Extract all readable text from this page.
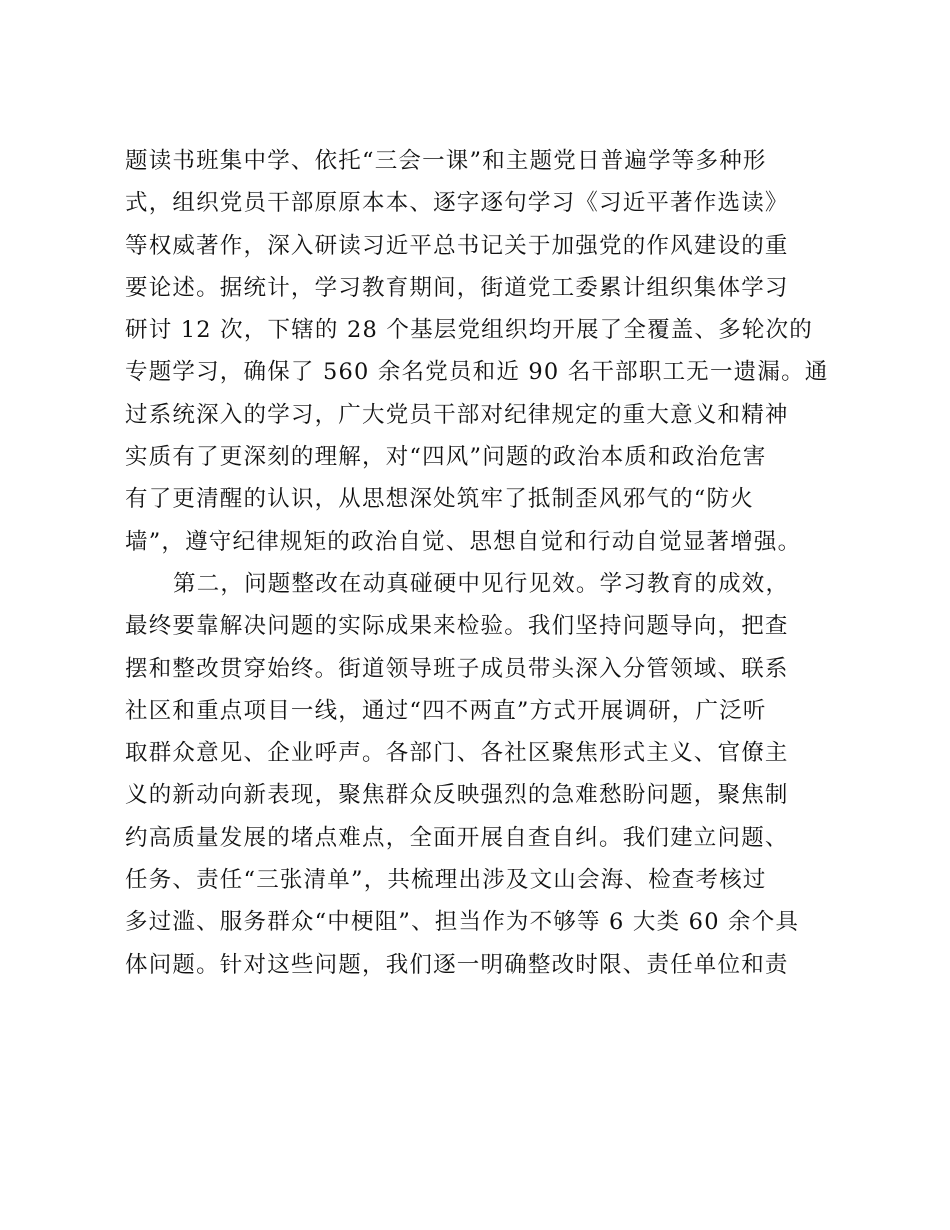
题读书班集中学、依托“三会一课”和主题党日普遍学等多种形
式，组织党员干部原原本本、逐字逐句学习《习近平著作选读》
等权威著作，深入研读习近平总书记关于加强党的作风建设的重
要论述。据统计，学习教育期间，街道党工委累计组织集体学习
研讨 12 次，下辖的 28 个基层党组织均开展了全覆盖、多轮次的
专题学习，确保了 560 余名党员和近 90 名干部职工无一遗漏。通
过系统深入的学习，广大党员干部对纪律规定的重大意义和精神
实质有了更深刻的理解，对“四风”问题的政治本质和政治危害
有了更清醒的认识，从思想深处筑牢了抵制歪风邪气的“防火
墙”，遵守纪律规矩的政治自觉、思想自觉和行动自觉显著增强。
第二，问题整改在动真碰硬中见行见效。学习教育的成效，
最终要靠解决问题的实际成果来检验。我们坚持问题导向，把查
摆和整改贯穿始终。街道领导班子成员带头深入分管领域、联系
社区和重点项目一线，通过“四不两直”方式开展调研，广泛听
取群众意见、企业呼声。各部门、各社区聚焦形式主义、官僚主
义的新动向新表现，聚焦群众反映强烈的急难愁盼问题，聚焦制
约高质量发展的堵点难点，全面开展自查自纠。我们建立问题、
任务、责任“三张清单”，共梳理出涉及文山会海、检查考核过
多过滥、服务群众“中梗阻”、担当作为不够等 6 大类 60 余个具
体问题。针对这些问题，我们逐一明确整改时限、责任单位和责
